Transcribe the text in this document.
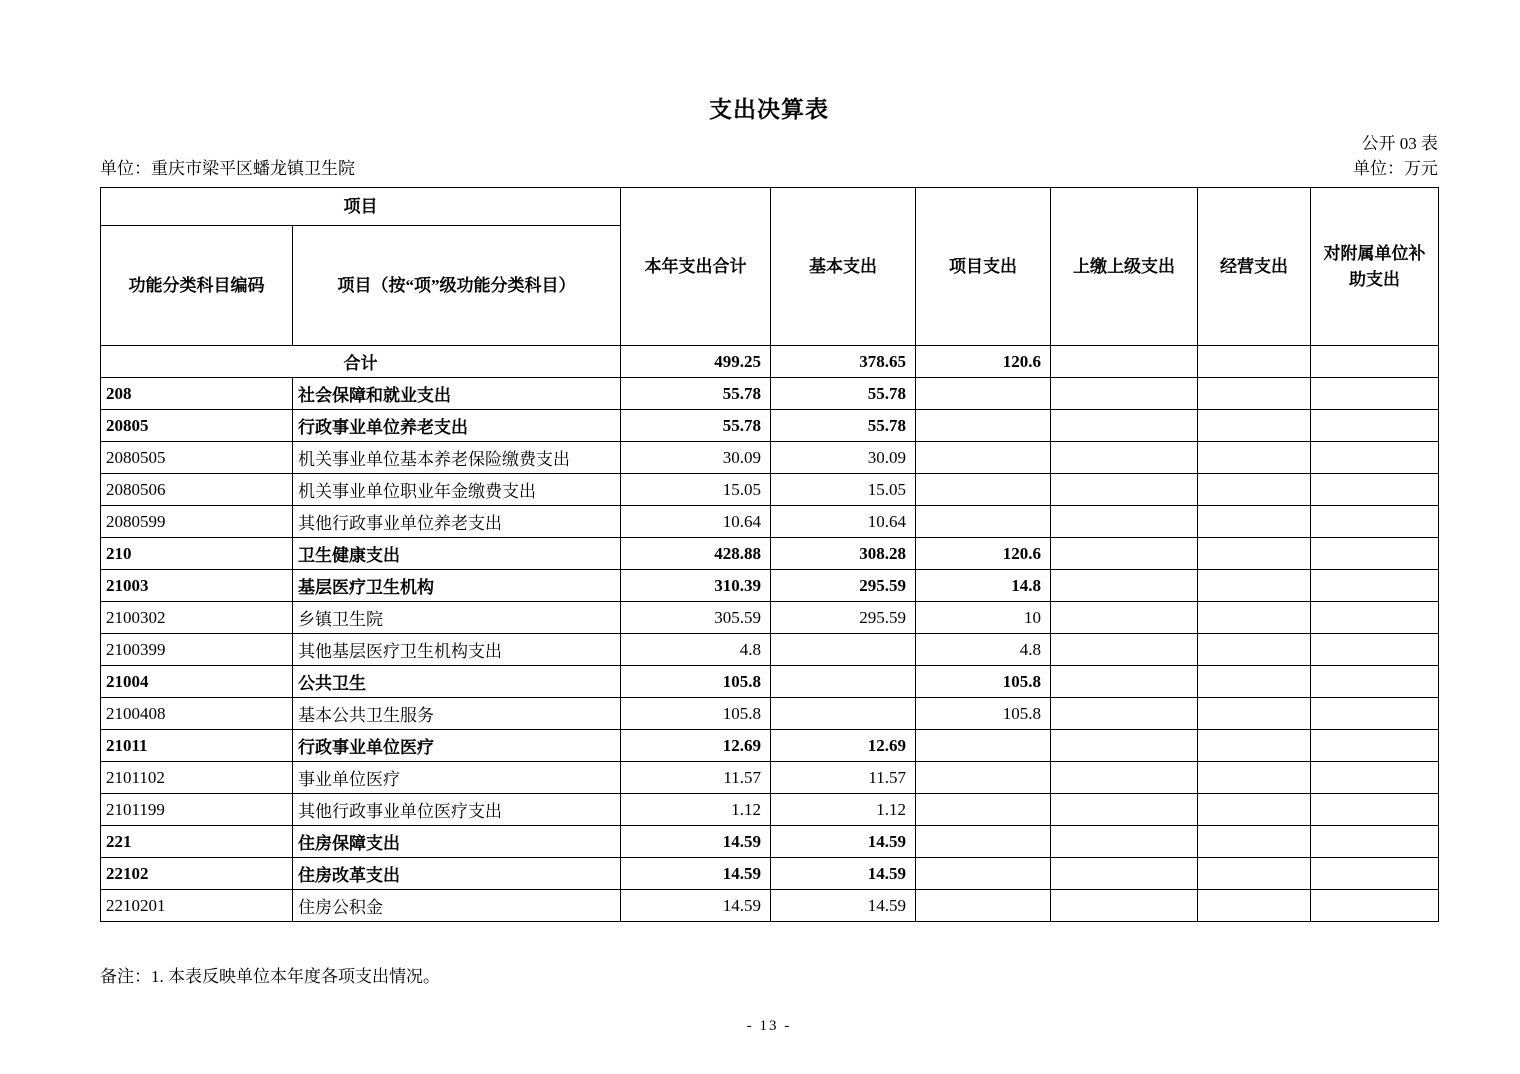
支出决算表
公开 03 表
单位：重庆市梁平区蟠龙镇卫生院	单位：万元
项目		本年支出合计	基本支出	项目支出	上缴上级支出	经营支出	对附属单位补助支出
功能分类科目编码	项目（按“项”级功能分类科目）						
合计		499.25	378.65	120.6			
208	社会保障和就业支出	55.78	55.78				
20805	行政事业单位养老支出	55.78	55.78				
2080505	机关事业单位基本养老保险缴费支出	30.09	30.09				
2080506	机关事业单位职业年金缴费支出	15.05	15.05				
2080599	其他行政事业单位养老支出	10.64	10.64				
210	卫生健康支出	428.88	308.28	120.6			
21003	基层医疗卫生机构	310.39	295.59	14.8			
2100302	乡镇卫生院	305.59	295.59	10			
2100399	其他基层医疗卫生机构支出	4.8		4.8			
21004	公共卫生	105.8		105.8			
2100408	基本公共卫生服务	105.8		105.8			
21011	行政事业单位医疗	12.69	12.69				
2101102	事业单位医疗	11.57	11.57				
2101199	其他行政事业单位医疗支出	1.12	1.12				
221	住房保障支出	14.59	14.59				
22102	住房改革支出	14.59	14.59				
2210201	住房公积金	14.59	14.59				
备注：1. 本表反映单位本年度各项支出情况。
- 13 -
